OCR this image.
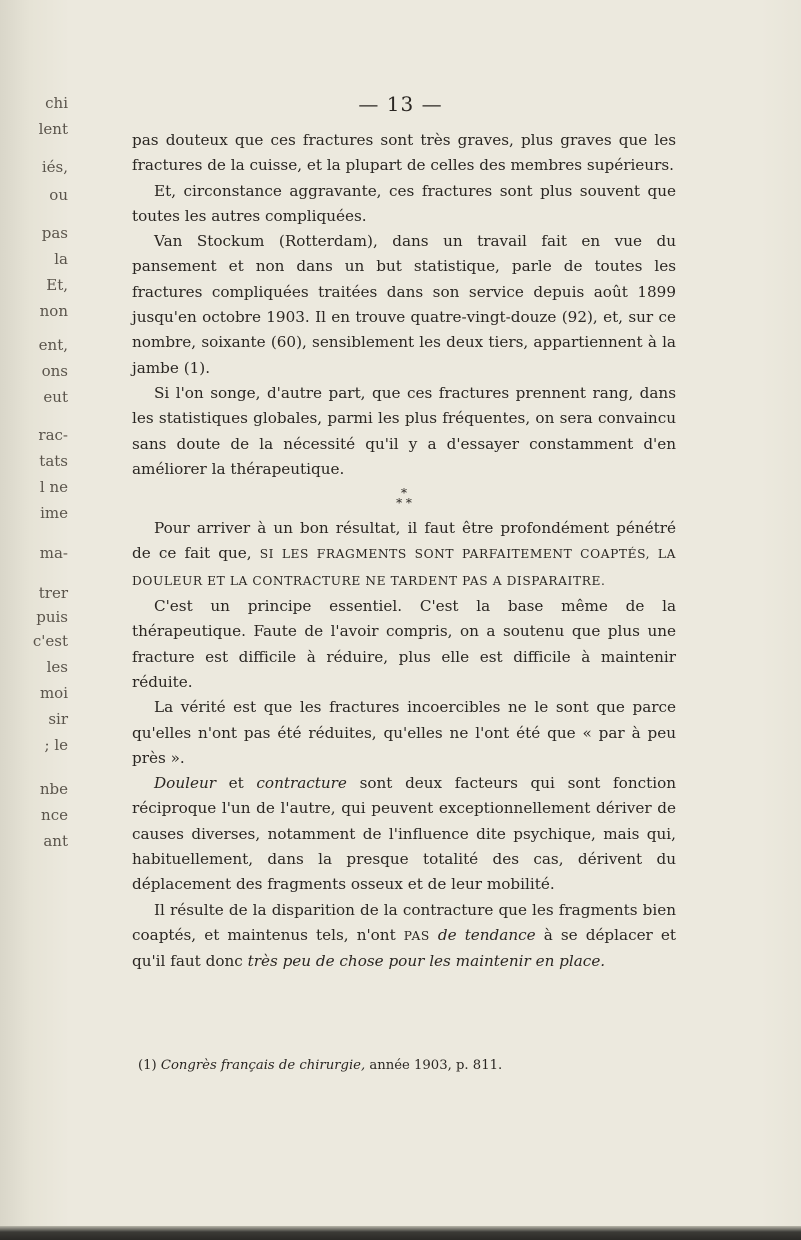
chi
lent
iés,
ou
pas
la
Et,
non
ent,
ons
eut
rac-
tats
l ne
ime
ma-
trer
puis
c'est
les
moi
sir
; le
nbe
nce
ant
— 13 —

pas douteux que ces fractures sont très graves, plus graves que les fractures de la cuisse, et la plupart de celles des membres supérieurs.

Et, circonstance aggravante, ces fractures sont plus souvent que toutes les autres compliquées.

Van Stockum (Rotterdam), dans un travail fait en vue du pansement et non dans un but statistique, parle de toutes les fractures compliquées traitées dans son service depuis août 1899 jusqu'en octobre 1903. Il en trouve quatre-vingt-douze (92), et, sur ce nombre, soixante (60), sensiblement les deux tiers, appartiennent à la jambe (1).

Si l'on songe, d'autre part, que ces fractures prennent rang, dans les statistiques globales, parmi les plus fréquentes, on sera convaincu sans doute de la nécessité qu'il y a d'essayer constamment d'en améliorer la thérapeutique.

*
* *

Pour arriver à un bon résultat, il faut être profondément pénétré de ce fait que, SI LES FRAGMENTS SONT PARFAITEMENT COAPTÉS, LA DOULEUR ET LA CONTRACTURE NE TARDENT PAS A DISPARAITRE.

C'est un principe essentiel. C'est la base même de la thérapeutique. Faute de l'avoir compris, on a soutenu que plus une fracture est difficile à réduire, plus elle est difficile à maintenir réduite.

La vérité est que les fractures incoercibles ne le sont que parce qu'elles n'ont pas été réduites, qu'elles ne l'ont été que « par à peu près ».

Douleur et contracture sont deux facteurs qui sont fonction réciproque l'un de l'autre, qui peuvent exceptionnellement dériver de causes diverses, notamment de l'influence dite psychique, mais qui, habituellement, dans la presque totalité des cas, dérivent du déplacement des fragments osseux et de leur mobilité.

Il résulte de la disparition de la contracture que les fragments bien coaptés, et maintenus tels, n'ont PAS de tendance à se déplacer et qu'il faut donc très peu de chose pour les maintenir en place.

(1) Congrès français de chirurgie, année 1903, p. 811.
